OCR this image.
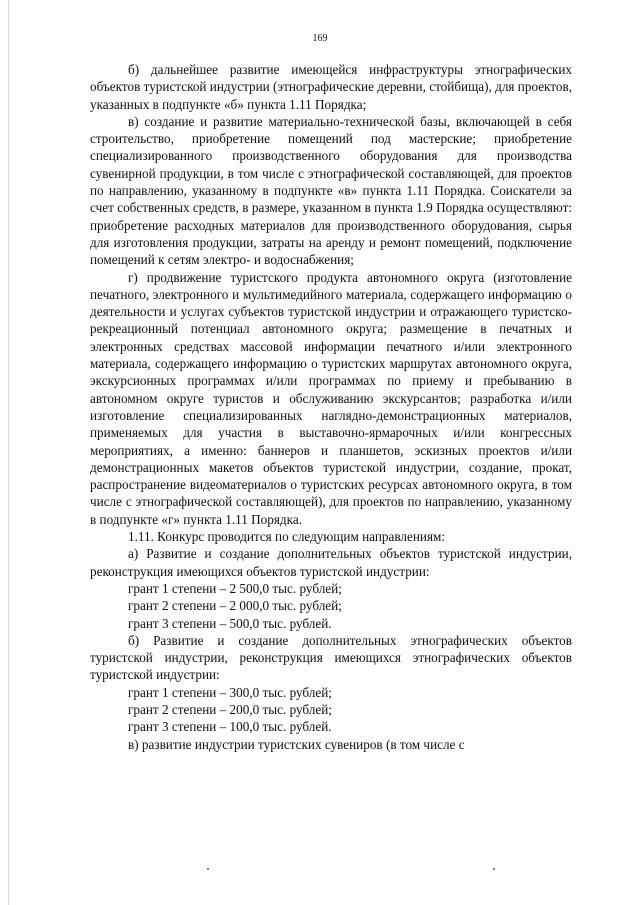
169

б) дальнейшее развитие имеющейся инфраструктуры этнографических объектов туристской индустрии (этнографические деревни, стойбища), для проектов, указанных в подпункте «б» пункта 1.11 Порядка;

в) создание и развитие материально-технической базы, включающей в себя строительство, приобретение помещений под мастерские; приобретение специализированного производственного оборудования для производства сувенирной продукции, в том числе с этнографической составляющей, для проектов по направлению, указанному в подпункте «в» пункта 1.11 Порядка. Соискатели за счет собственных средств, в размере, указанном в пункта 1.9 Порядка осуществляют: приобретение расходных материалов для производственного оборудования, сырья для изготовления продукции, затраты на аренду и ремонт помещений, подключение помещений к сетям электро- и водоснабжения;

г) продвижение туристского продукта автономного округа (изготовление печатного, электронного и мультимедийного материала, содержащего информацию о деятельности и услугах субъектов туристской индустрии и отражающего туристско-рекреационный потенциал автономного округа; размещение в печатных и электронных средствах массовой информации печатного и/или электронного материала, содержащего информацию о туристских маршрутах автономного округа, экскурсионных программах и/или программах по приему и пребыванию в автономном округе туристов и обслуживанию экскурсантов; разработка и/или изготовление специализированных наглядно-демонстрационных материалов, применяемых для участия в выставочно-ярмарочных и/или конгрессных мероприятиях, а именно: баннеров и планшетов, эскизных проектов и/или демонстрационных макетов объектов туристской индустрии, создание, прокат, распространение видеоматериалов о туристских ресурсах автономного округа, в том числе с этнографической составляющей), для проектов по направлению, указанному в подпункте «г» пункта 1.11 Порядка.

1.11. Конкурс проводится по следующим направлениям:

а) Развитие и создание дополнительных объектов туристской индустрии, реконструкция имеющихся объектов туристской индустрии:

грант 1 степени – 2 500,0 тыс. рублей;

грант 2 степени – 2 000,0 тыс. рублей;

грант 3 степени – 500,0 тыс. рублей.

б) Развитие и создание дополнительных этнографических объектов туристской индустрии, реконструкция имеющихся этнографических объектов туристской индустрии:

грант 1 степени – 300,0 тыс. рублей;

грант 2 степени – 200,0 тыс. рублей;

грант 3 степени – 100,0 тыс. рублей.

в) развитие индустрии туристских сувениров (в том числе с
